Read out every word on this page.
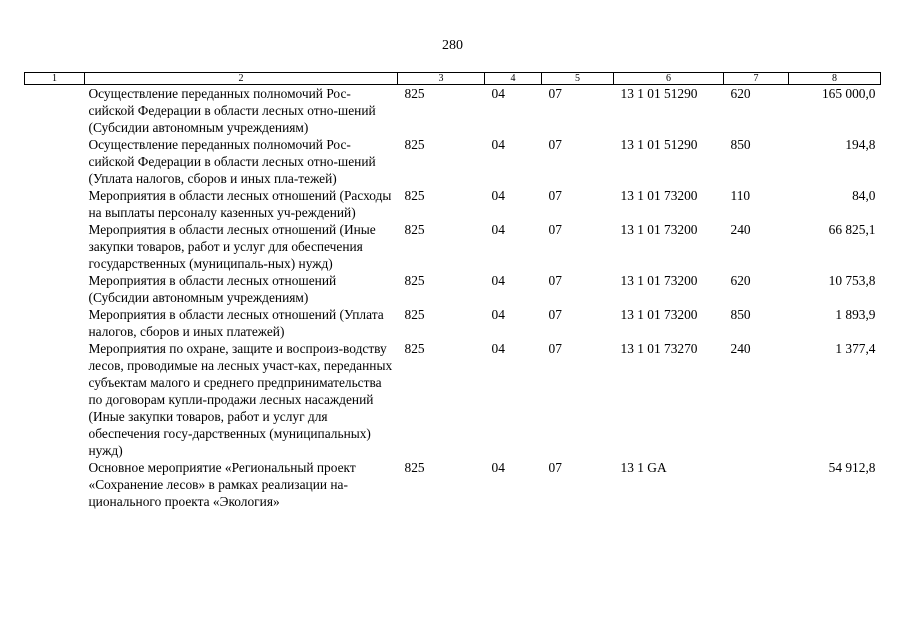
280
1	2	3	4	5	6	7	8
	Осуществление переданных полномочий Рос-сийской Федерации в области лесных отно-шений (Субсидии автономным учреждениям)	825	04	07	13 1 01 51290	620	165 000,0
	Осуществление переданных полномочий Рос-сийской Федерации в области лесных отно-шений (Уплата налогов, сборов и иных пла-тежей)	825	04	07	13 1 01 51290	850	194,8
	Мероприятия в области лесных отношений (Расходы на выплаты персоналу казенных уч-реждений)	825	04	07	13 1 01 73200	110	84,0
	Мероприятия в области лесных отношений (Иные закупки товаров, работ и услуг для обеспечения государственных (муниципаль-ных) нужд)	825	04	07	13 1 01 73200	240	66 825,1
	Мероприятия в области лесных отношений (Субсидии автономным учреждениям)	825	04	07	13 1 01 73200	620	10 753,8
	Мероприятия в области лесных отношений (Уплата налогов, сборов и иных платежей)	825	04	07	13 1 01 73200	850	1 893,9
	Мероприятия по охране, защите и воспроиз-водству лесов, проводимые на лесных участ-ках, переданных субъектам малого и среднего предпринимательства по договорам купли-продажи лесных насаждений (Иные закупки товаров, работ и услуг для обеспечения госу-дарственных (муниципальных) нужд)	825	04	07	13 1 01 73270	240	1 377,4
	Основное мероприятие «Региональный проект «Сохранение лесов» в рамках реализации на-ционального проекта «Экология»	825	04	07	13 1 GA		54 912,8
